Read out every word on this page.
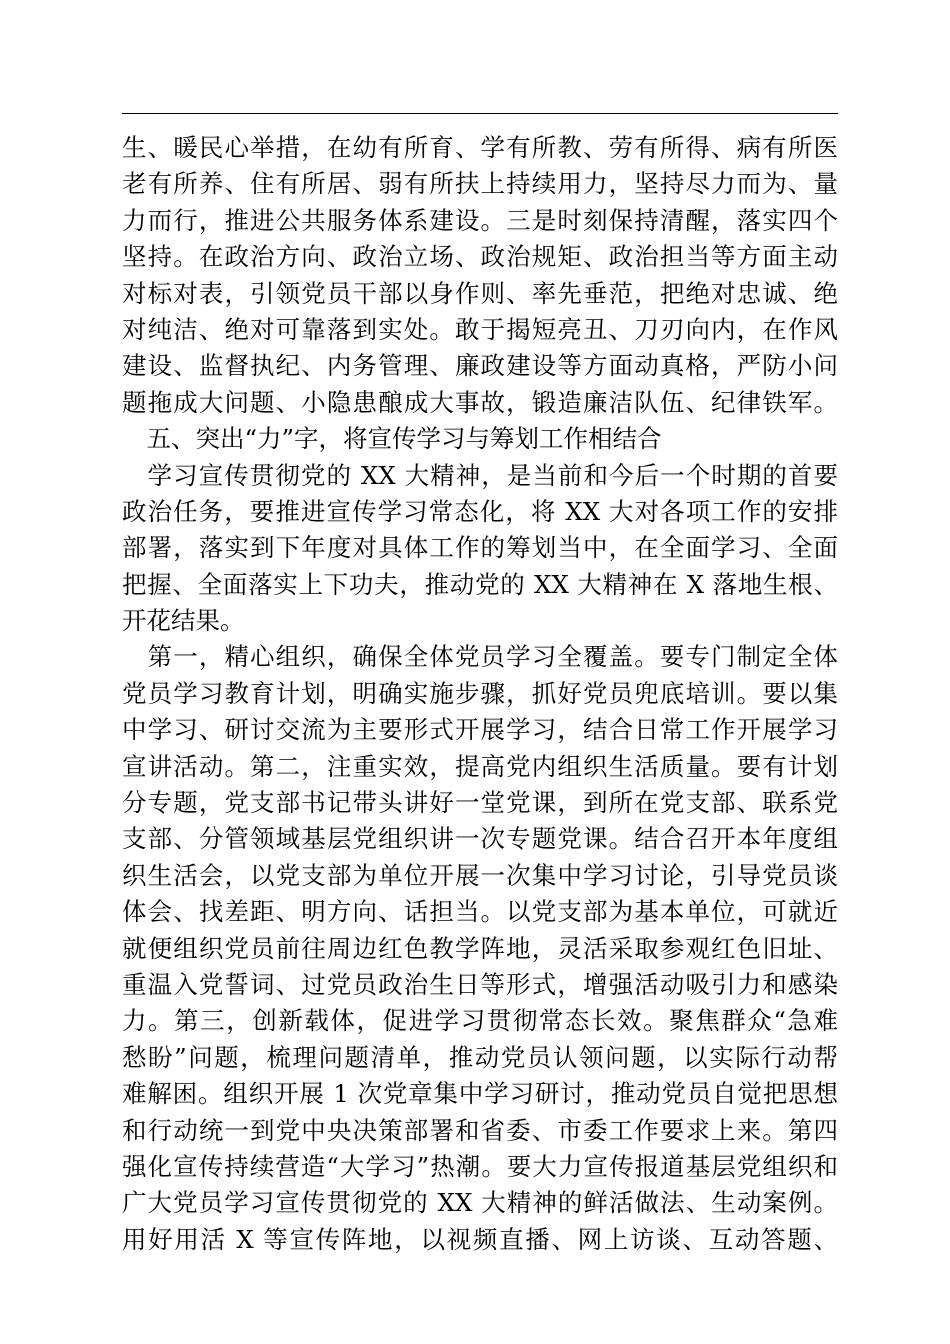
生、暖民心举措，在幼有所育、学有所教、劳有所得、病有所医
老有所养、住有所居、弱有所扶上持续用力，坚持尽力而为、量
力而行，推进公共服务体系建设。三是时刻保持清醒，落实四个
坚持。在政治方向、政治立场、政治规矩、政治担当等方面主动
对标对表，引领党员干部以身作则、率先垂范，把绝对忠诚、绝
对纯洁、绝对可靠落到实处。敢于揭短亮丑、刀刃向内，在作风
建设、监督执纪、内务管理、廉政建设等方面动真格，严防小问
题拖成大问题、小隐患酿成大事故，锻造廉洁队伍、纪律铁军。
　五、突出“力”字，将宣传学习与筹划工作相结合
　学习宣传贯彻党的 XX 大精神，是当前和今后一个时期的首要
政治任务，要推进宣传学习常态化，将 XX 大对各项工作的安排
部署，落实到下年度对具体工作的筹划当中，在全面学习、全面
把握、全面落实上下功夫，推动党的 XX 大精神在 X 落地生根、
开花结果。
　第一，精心组织，确保全体党员学习全覆盖。要专门制定全体
党员学习教育计划，明确实施步骤，抓好党员兜底培训。要以集
中学习、研讨交流为主要形式开展学习，结合日常工作开展学习
宣讲活动。第二，注重实效，提高党内组织生活质量。要有计划
分专题，党支部书记带头讲好一堂党课，到所在党支部、联系党
支部、分管领域基层党组织讲一次专题党课。结合召开本年度组
织生活会，以党支部为单位开展一次集中学习讨论，引导党员谈
体会、找差距、明方向、话担当。以党支部为基本单位，可就近
就便组织党员前往周边红色教学阵地，灵活采取参观红色旧址、
重温入党誓词、过党员政治生日等形式，增强活动吸引力和感染
力。第三，创新载体，促进学习贯彻常态长效。聚焦群众“急难
愁盼”问题，梳理问题清单，推动党员认领问题，以实际行动帮
难解困。组织开展 1 次党章集中学习研讨，推动党员自觉把思想
和行动统一到党中央决策部署和省委、市委工作要求上来。第四
强化宣传持续营造“大学习”热潮。要大力宣传报道基层党组织和
广大党员学习宣传贯彻党的 XX 大精神的鲜活做法、生动案例。
用好用活 X 等宣传阵地，以视频直播、网上访谈、互动答题、
